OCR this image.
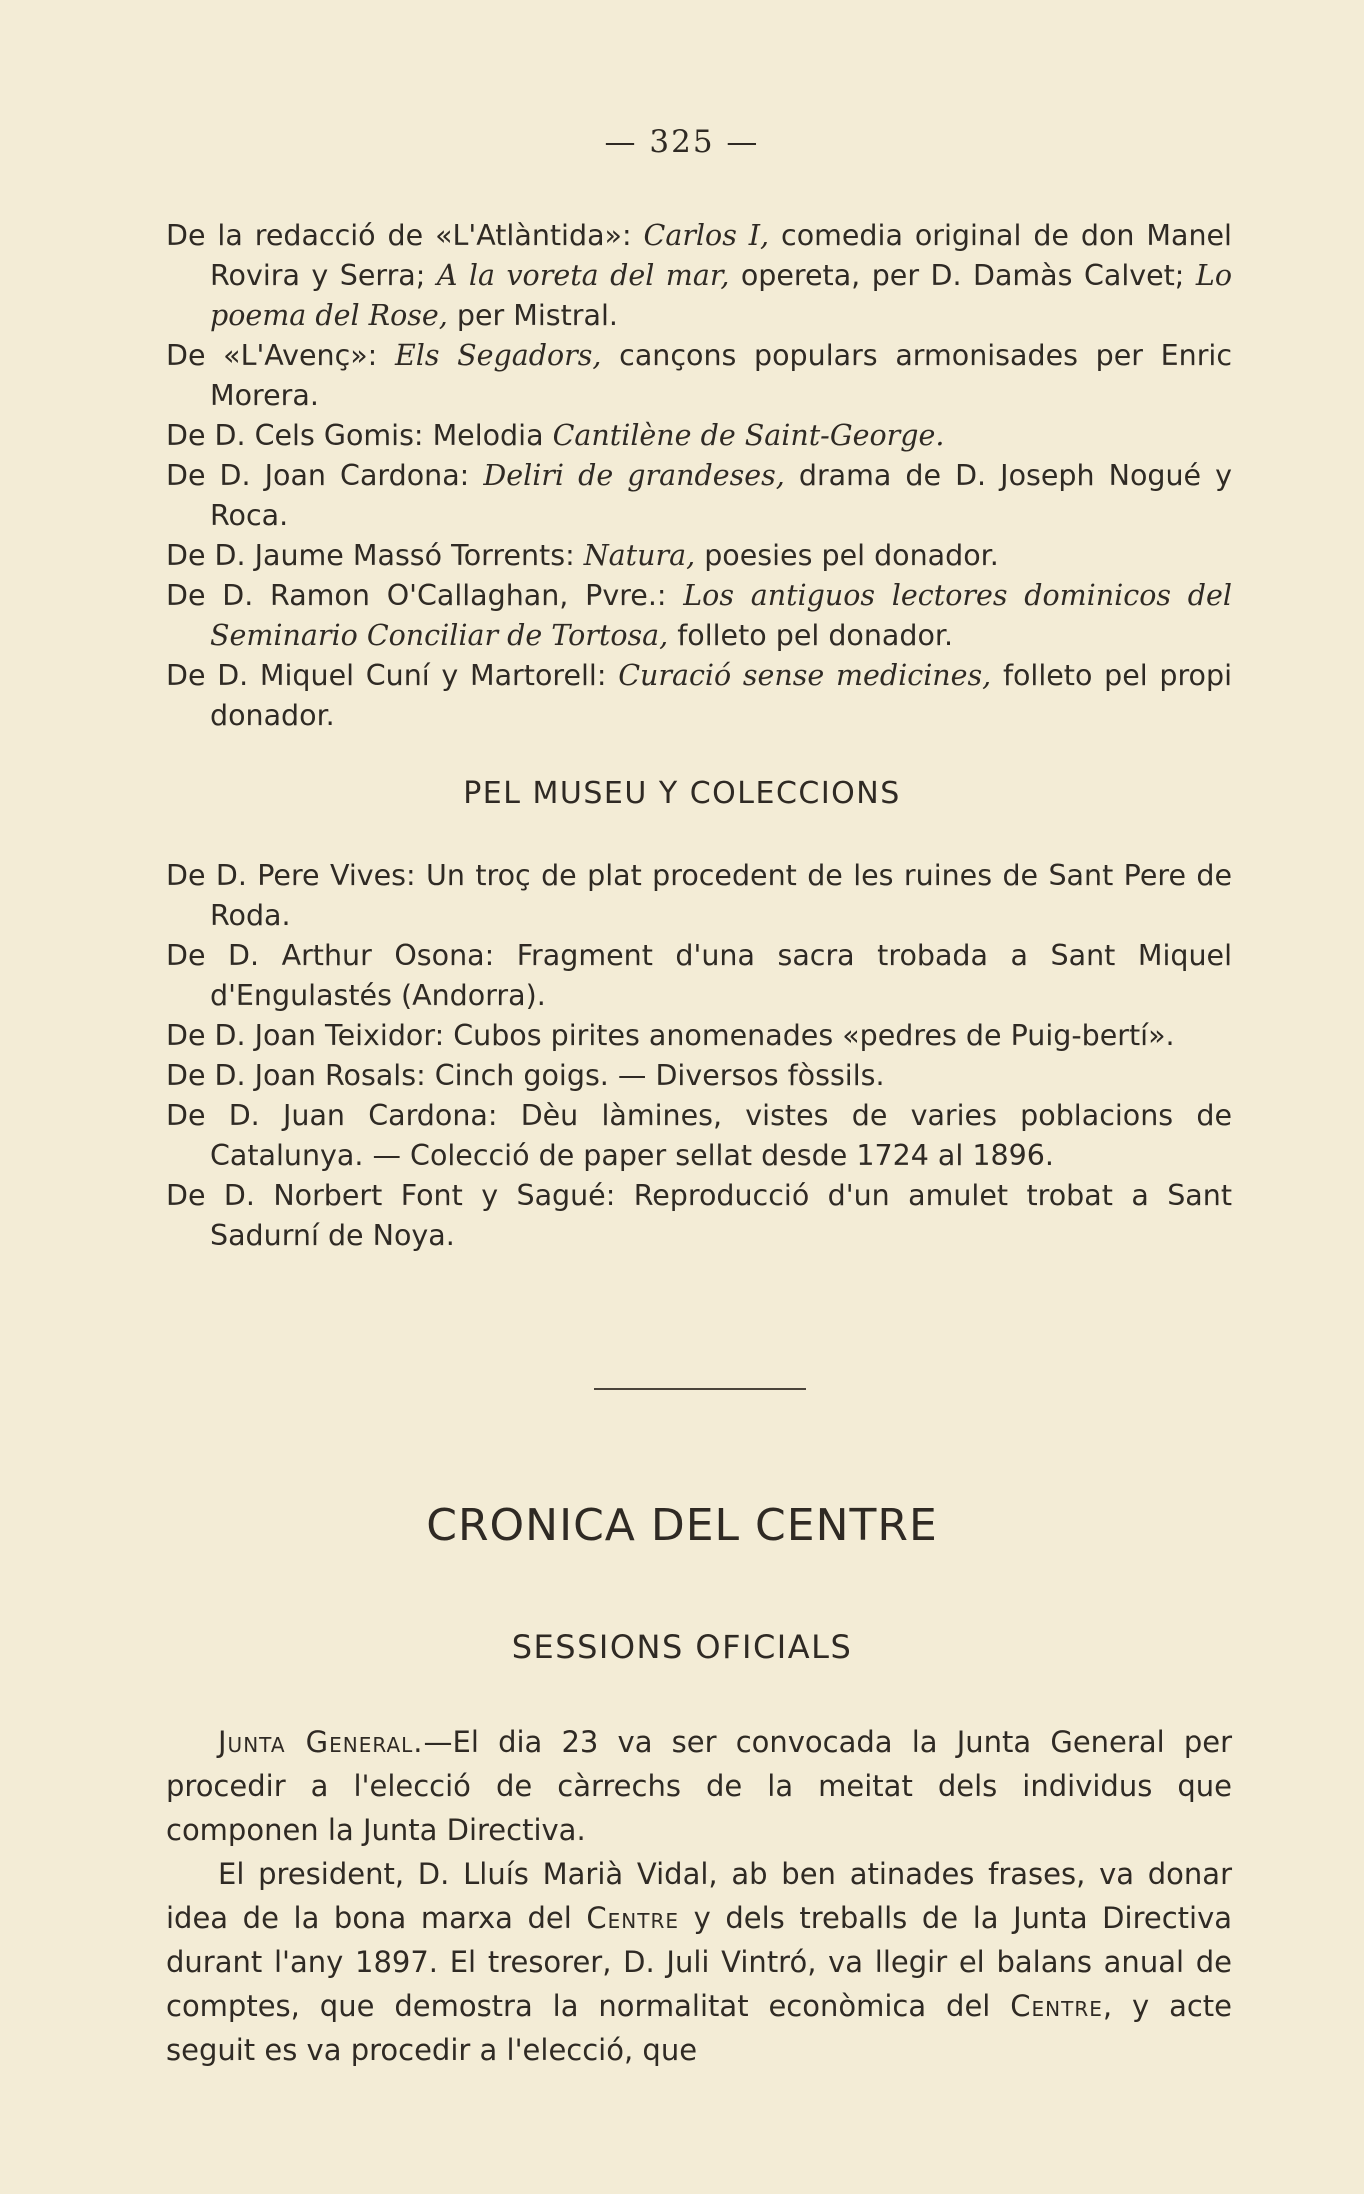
— 325 —
De la redacció de «L'Atlàntida»: Carlos I, comedia original de don Manel Rovira y Serra; A la voreta del mar, opereta, per D. Damàs Calvet; Lo poema del Rose, per Mistral.
De «L'Avenç»: Els Segadors, cançons populars armonisades per Enric Morera.
De D. Cels Gomis: Melodia Cantilène de Saint-George.
De D. Joan Cardona: Deliri de grandeses, drama de D. Joseph Nogué y Roca.
De D. Jaume Massó Torrents: Natura, poesies pel donador.
De D. Ramon O'Callaghan, Pvre.: Los antiguos lectores dominicos del Seminario Conciliar de Tortosa, folleto pel donador.
De D. Miquel Cuní y Martorell: Curació sense medicines, folleto pel propi donador.
PEL MUSEU Y COLECCIONS
De D. Pere Vives: Un troç de plat procedent de les ruines de Sant Pere de Roda.
De D. Arthur Osona: Fragment d'una sacra trobada a Sant Miquel d'Engulastés (Andorra).
De D. Joan Teixidor: Cubos pirites anomenades «pedres de Puig-bertí».
De D. Joan Rosals: Cinch goigs. — Diversos fòssils.
De D. Juan Cardona: Dèu làmines, vistes de varies poblacions de Catalunya. — Colecció de paper sellat desde 1724 al 1896.
De D. Norbert Font y Sagué: Reproducció d'un amulet trobat a Sant Sadurní de Noya.
CRONICA DEL CENTRE
SESSIONS OFICIALS

Junta General.—El dia 23 va ser convocada la Junta General per procedir a l'elecció de càrrechs de la meitat dels individus que componen la Junta Directiva.

El president, D. Lluís Marià Vidal, ab ben atinades frases, va donar idea de la bona marxa del Centre y dels treballs de la Junta Directiva durant l'any 1897. El tresorer, D. Juli Vintró, va llegir el balans anual de comptes, que demostra la normalitat econòmica del Centre, y acte seguit es va procedir a l'elecció, que
